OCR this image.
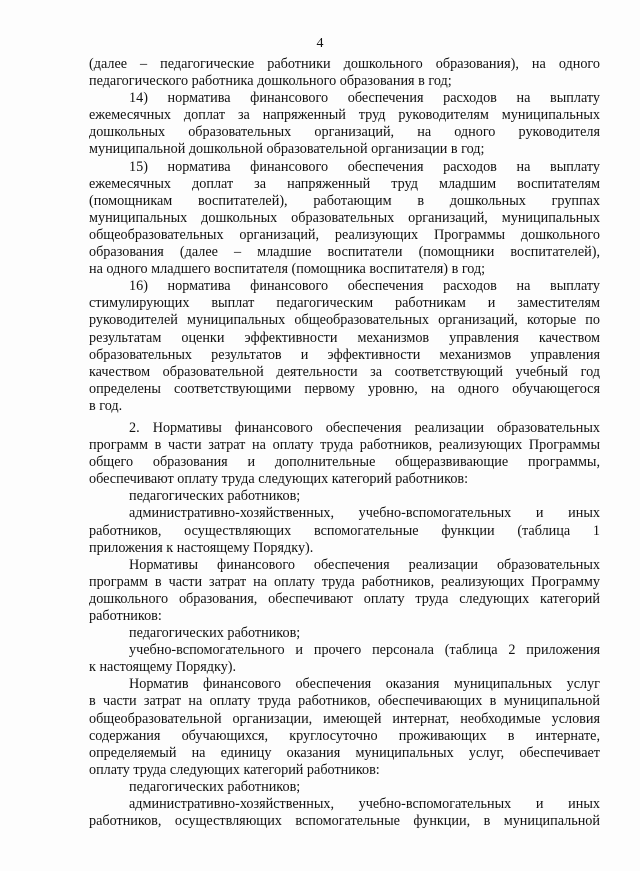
4
(далее – педагогические работники дошкольного образования), на одного
педагогического работника дошкольного образования в год;
14) норматива финансового обеспечения расходов на выплату
ежемесячных доплат за напряженный труд руководителям муниципальных
дошкольных образовательных организаций, на одного руководителя
муниципальной дошкольной образовательной организации в год;
15) норматива финансового обеспечения расходов на выплату
ежемесячных доплат за напряженный труд младшим воспитателям
(помощникам воспитателей), работающим в дошкольных группах
муниципальных дошкольных образовательных организаций, муниципальных
общеобразовательных организаций, реализующих Программы дошкольного
образования (далее – младшие воспитатели (помощники воспитателей),
на одного младшего воспитателя (помощника воспитателя) в год;
16) норматива финансового обеспечения расходов на выплату
стимулирующих выплат педагогическим работникам и заместителям
руководителей муниципальных общеобразовательных организаций, которые по
результатам оценки эффективности механизмов управления качеством
образовательных результатов и эффективности механизмов управления
качеством образовательной деятельности за соответствующий учебный год
определены соответствующими первому уровню, на одного обучающегося
в год.
2. Нормативы финансового обеспечения реализации образовательных
программ в части затрат на оплату труда работников, реализующих Программы
общего образования и дополнительные общеразвивающие программы,
обеспечивают оплату труда следующих категорий работников:
педагогических работников;
административно-хозяйственных, учебно-вспомогательных и иных
работников, осуществляющих вспомогательные функции (таблица 1
приложения к настоящему Порядку).
Нормативы финансового обеспечения реализации образовательных
программ в части затрат на оплату труда работников, реализующих Программу
дошкольного образования, обеспечивают оплату труда следующих категорий
работников:
педагогических работников;
учебно-вспомогательного и прочего персонала (таблица 2 приложения
к настоящему Порядку).
Норматив финансового обеспечения оказания муниципальных услуг
в части затрат на оплату труда работников, обеспечивающих в муниципальной
общеобразовательной организации, имеющей интернат, необходимые условия
содержания обучающихся, круглосуточно проживающих в интернате,
определяемый на единицу оказания муниципальных услуг, обеспечивает
оплату труда следующих категорий работников:
педагогических работников;
административно-хозяйственных, учебно-вспомогательных и иных
работников, осуществляющих вспомогательные функции, в муниципальной
